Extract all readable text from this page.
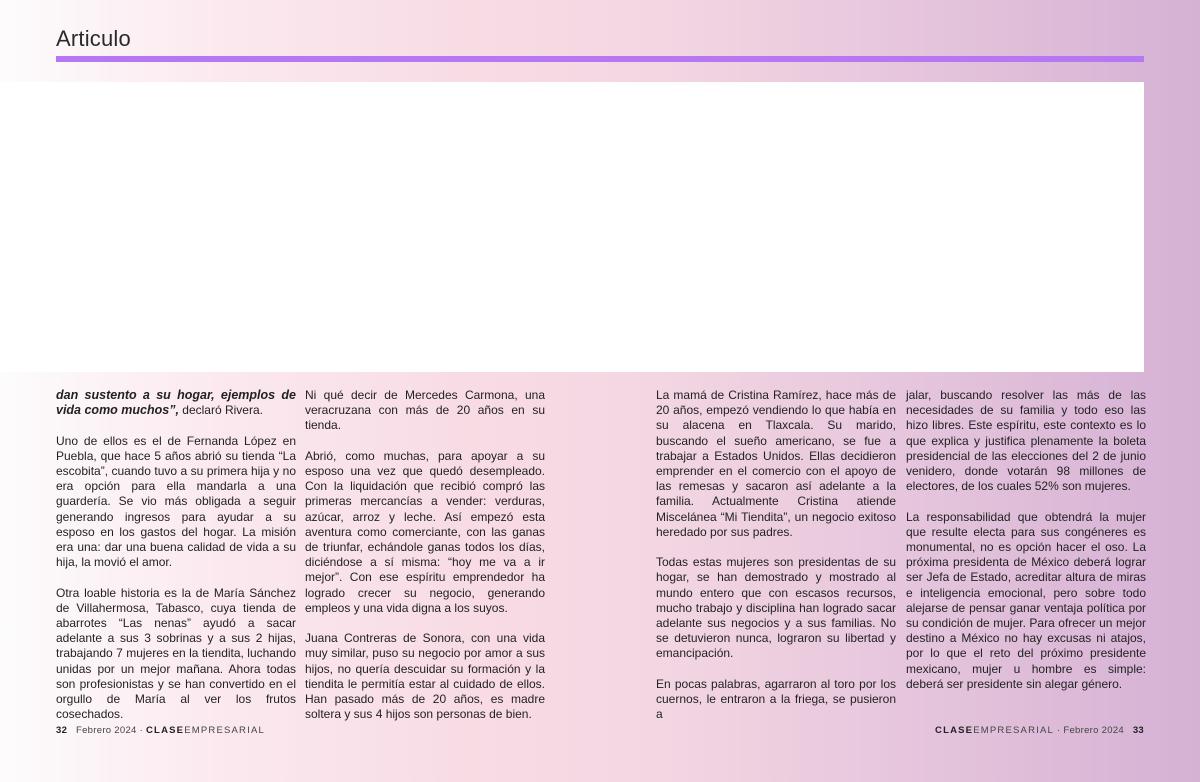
Articulo

dan sustento a su hogar, ejemplos de vida como muchos”, declaró Rivera.

Uno de ellos es el de Fernanda López en Puebla, que hace 5 años abrió su tienda “La escobita”, cuando tuvo a su primera hija y no era opción para ella mandarla a una guardería. Se vio más obligada a seguir generando ingresos para ayudar a su esposo en los gastos del hogar. La misión era una: dar una buena calidad de vida a su hija, la movió el amor.

Otra loable historia es la de María Sánchez de Villahermosa, Tabasco, cuya tienda de abarrotes “Las nenas” ayudó a sacar adelante a sus 3 sobrinas y a sus 2 hijas, trabajando 7 mujeres en la tiendita, luchando unidas por un mejor mañana. Ahora todas son profesionistas y se han convertido en el orgullo de María al ver los frutos cosechados.

Ni qué decir de Mercedes Carmona, una veracruzana con más de 20 años en su tienda.

Abrió, como muchas, para apoyar a su esposo una vez que quedó desempleado. Con la liquidación que recibió compró las primeras mercancías a vender: verduras, azúcar, arroz y leche. Así empezó esta aventura como comerciante, con las ganas de triunfar, echándole ganas todos los días, diciéndose a sí misma: “hoy me va a ir mejor”. Con ese espíritu emprendedor ha logrado crecer su negocio, generando empleos y una vida digna a los suyos.

Juana Contreras de Sonora, con una vida muy similar, puso su negocio por amor a sus hijos, no quería descuidar su formación y la tiendita le permitía estar al cuidado de ellos. Han pasado más de 20 años, es madre soltera y sus 4 hijos son personas de bien.

La mamá de Cristina Ramírez, hace más de 20 años, empezó vendiendo lo que había en su alacena en Tlaxcala. Su marido, buscando el sueño americano, se fue a trabajar a Estados Unidos. Ellas decidieron emprender en el comercio con el apoyo de las remesas y sacaron así adelante a la familia. Actualmente Cristina atiende Miscelánea “Mi Tiendita”, un negocio exitoso heredado por sus padres.

Todas estas mujeres son presidentas de su hogar, se han demostrado y mostrado al mundo entero que con escasos recursos, mucho trabajo y disciplina han logrado sacar adelante sus negocios y a sus familias. No se detuvieron nunca, lograron su libertad y emancipación.

En pocas palabras, agarraron al toro por los cuernos, le entraron a la friega, se pusieron a

jalar, buscando resolver las más de las necesidades de su familia y todo eso las hizo libres. Este espíritu, este contexto es lo que explica y justifica plenamente la boleta presidencial de las elecciones del 2 de junio venidero, donde votarán 98 millones de electores, de los cuales 52% son mujeres.

La responsabilidad que obtendrá la mujer que resulte electa para sus congéneres es monumental, no es opción hacer el oso. La próxima presidenta de México deberá lograr ser Jefa de Estado, acreditar altura de miras e inteligencia emocional, pero sobre todo alejarse de pensar ganar ventaja política por su condición de mujer. Para ofrecer un mejor destino a México no hay excusas ni atajos, por lo que el reto del próximo presidente mexicano, mujer u hombre es simple: deberá ser presidente sin alegar género.

32 Febrero 2024 · CLASEEMPRESARIAL	CLASEEMPRESARIAL · Febrero 2024 33
